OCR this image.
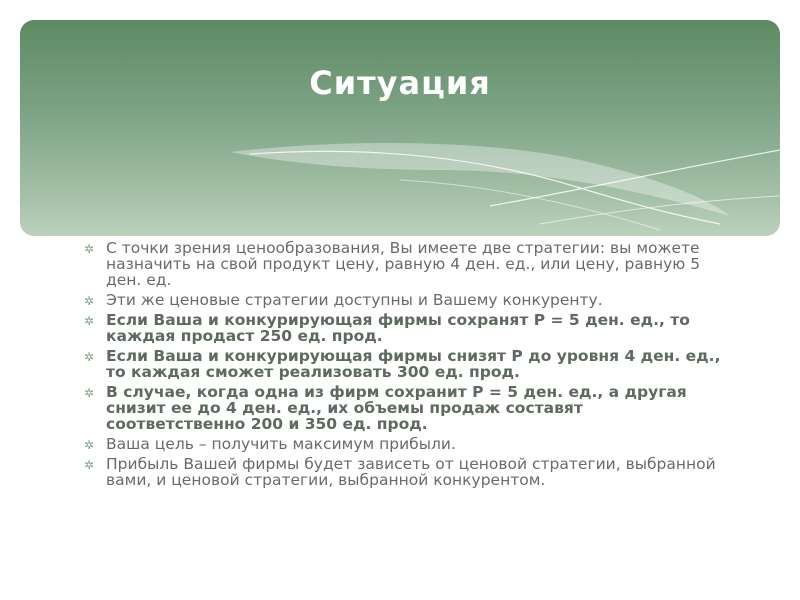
Ситуация
✲ С точки зрения ценообразования, Вы имеете две стратегии: вы можете назначить на свой продукт цену, равную 4 ден. ед., или цену, равную 5 ден. ед.
✲ Эти же ценовые стратегии доступны и Вашему конкуренту.
✲ Если Ваша и конкурирующая фирмы сохранят Р = 5 ден. ед., то каждая продаст 250 ед. прод.
✲ Если Ваша и конкурирующая фирмы снизят Р до уровня 4 ден. ед., то каждая сможет реализовать 300 ед. прод.
✲ В случае, когда одна из фирм сохранит Р = 5 ден. ед., а другая снизит ее до 4 ден. ед., их объемы продаж составят соответственно 200 и 350 ед. прод.
✲ Ваша цель – получить максимум прибыли.
✲ Прибыль Вашей фирмы будет зависеть от ценовой стратегии, выбранной вами, и ценовой стратегии, выбранной конкурентом.
